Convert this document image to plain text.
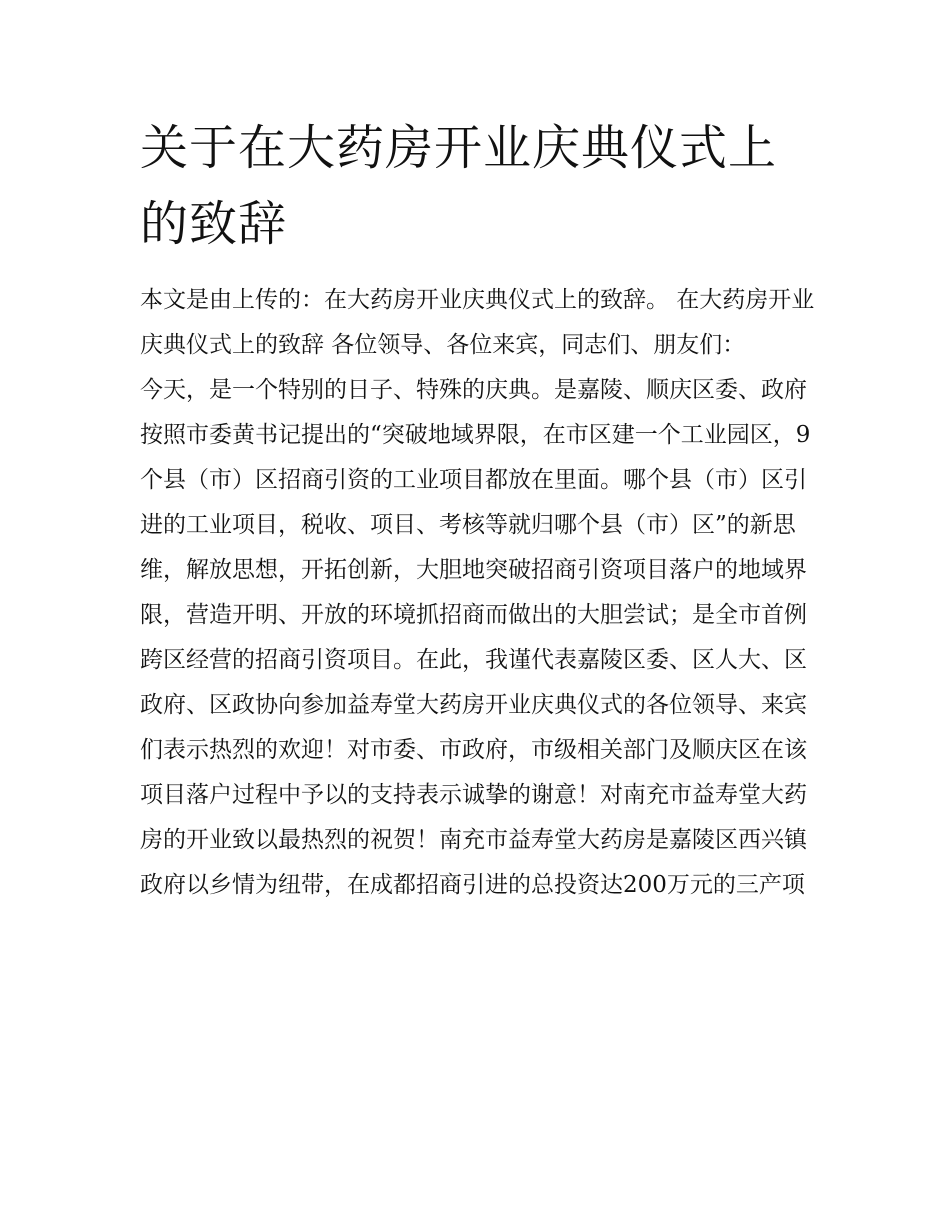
关于在大药房开业庆典仪式上的致辞

本文是由上传的：在大药房开业庆典仪式上的致辞。 在大药房开业庆典仪式上的致辞 各位领导、各位来宾，同志们、朋友们：

今天，是一个特别的日子、特殊的庆典。是嘉陵、顺庆区委、政府按照市委黄书记提出的“突破地域界限，在市区建一个工业园区，9个县（市）区招商引资的工业项目都放在里面。哪个县（市）区引进的工业项目，税收、项目、考核等就归哪个县（市）区”的新思维，解放思想，开拓创新，大胆地突破招商引资项目落户的地域界限，营造开明、开放的环境抓招商而做出的大胆尝试；是全市首例跨区经营的招商引资项目。在此，我谨代表嘉陵区委、区人大、区政府、区政协向参加益寿堂大药房开业庆典仪式的各位领导、来宾们表示热烈的欢迎！对市委、市政府，市级相关部门及顺庆区在该项目落户过程中予以的支持表示诚挚的谢意！对南充市益寿堂大药房的开业致以最热烈的祝贺！南充市益寿堂大药房是嘉陵区西兴镇政府以乡情为纽带，在成都招商引进的总投资达200万元的三产项
